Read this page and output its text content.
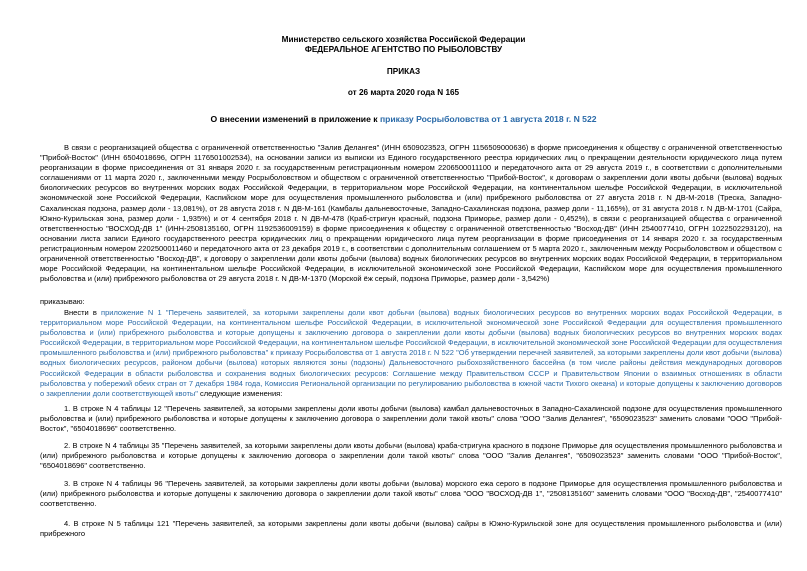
Министерство сельского хозяйства Российской Федерации
ФЕДЕРАЛЬНОЕ АГЕНТСТВО ПО РЫБОЛОВСТВУ
ПРИКАЗ
от 26 марта 2020 года N 165
О внесении изменений в приложение к приказу Росрыболовства от 1 августа 2018 г. N 522
В связи с реорганизацией общества с ограниченной ответственностью "Залив Делангея" (ИНН 6509023523, ОГРН 1156509000636) в форме присоединения к обществу с ограниченной ответственностью "Прибой-Восток" (ИНН 6504018696, ОГРН 1176501002534), на основании записи из выписки из Единого государственного реестра юридических лиц о прекращении деятельности юридического лица путем реорганизации в форме присоединения от 31 января 2020 г. за государственным регистрационным номером 2206500011100 и передаточного акта от 29 августа 2019 г., в соответствии с дополнительными соглашениями от 11 марта 2020 г., заключенными между Росрыболовством и обществом с ограниченной ответственностью "Прибой-Восток", к договорам о закреплении доли квоты добычи (вылова) водных биологических ресурсов во внутренних морских водах Российской Федерации, в территориальном море Российской Федерации, на континентальном шельфе Российской Федерации, в исключительной экономической зоне Российской Федерации, Каспийском море для осуществления промышленного рыболовства и (или) прибрежного рыболовства от 27 августа 2018 г. N ДВ-М-2018 (Треска, Западно-Сахалинская подзона, размер доли - 13,081%), от 28 августа 2018 г. N ДВ-М-161 (Камбалы дальневосточные, Западно-Сахалинская подзона, размер доли - 11,165%), от 31 августа 2018 г. N ДВ-М-1701 (Сайра, Южно-Курильская зона, размер доли - 1,935%) и от 4 сентября 2018 г. N ДВ-М-478 (Краб-стригун красный, подзона Приморье, размер доли - 0,452%), в связи с реорганизацией общества с ограниченной ответственностью "ВОСХОД-ДВ 1" (ИНН-2508135160, ОГРН 1192536009159) в форме присоединения к обществу с ограниченной ответственностью "Восход-ДВ" (ИНН 2540077410, ОГРН 1022502293120), на основании листа записи Единого государственного реестра юридических лиц о прекращении юридического лица путем реорганизации в форме присоединения от 14 января 2020 г. за государственным регистрационным номером 2202500011460 и передаточного акта от 23 декабря 2019 г., в соответствии с дополнительным соглашением от 5 марта 2020 г., заключенным между Росрыболовством и обществом с ограниченной ответственностью "Восход-ДВ", к договору о закреплении доли квоты добычи (вылова) водных биологических ресурсов во внутренних морских водах Российской Федерации, в территориальном море Российской Федерации, на континентальном шельфе Российской Федерации, в исключительной экономической зоне Российской Федерации, Каспийском море для осуществления промышленного рыболовства и (или) прибрежного рыболовства от 29 августа 2018 г. N ДВ-М-1370 (Морской ёж серый, подзона Приморье, размер доли - 3,542%)
приказываю:
Внести в приложение N 1 "Перечень заявителей, за которыми закреплены доли квот добычи (вылова) водных биологических ресурсов во внутренних морских водах Российской Федерации, в территориальном море Российской Федерации, на континентальном шельфе Российской Федерации, в исключительной экономической зоне Российской Федерации для осуществления промышленного рыболовства и (или) прибрежного рыболовства и которые допущены к заключению договора о закреплении доли квоты добычи (вылова) водных биологических ресурсов во внутренних морских водах Российской Федерации, в территориальном море Российской Федерации, на континентальном шельфе Российской Федерации, в исключительной экономической зоне Российской Федерации для осуществления промышленного рыболовства и (или) прибрежного рыболовства" к приказу Росрыболовства от 1 августа 2018 г. N 522 "Об утверждении перечней заявителей, за которыми закреплены доли квот добычи (вылова) водных биологических ресурсов, районом добычи (вылова) которых являются зоны (подзоны) Дальневосточного рыбохозяйственного бассейна (в том числе районы действия международных договоров Российской Федерации в области рыболовства и сохранения водных биологических ресурсов: Соглашение между Правительством СССР и Правительством Японии о взаимных отношениях в области рыболовства у побережий обеих стран от 7 декабря 1984 года, Комиссия Региональной организации по регулированию рыболовства в южной части Тихого океана) и которые допущены к заключению договоров о закреплении доли соответствующей квоты" следующие изменения:
1. В строке N 4 таблицы 12 "Перечень заявителей, за которыми закреплены доли квоты добычи (вылова) камбал дальневосточных в Западно-Сахалинской подзоне для осуществления промышленного рыболовства и (или) прибрежного рыболовства и которые допущены к заключению договора о закреплении доли такой квоты" слова "ООО "Залив Делангея", "6509023523" заменить словами "ООО "Прибой-Восток", "6504018696" соответственно.
2. В строке N 4 таблицы 35 "Перечень заявителей, за которыми закреплены доли квоты добычи (вылова) краба-стригуна красного в подзоне Приморье для осуществления промышленного рыболовства и (или) прибрежного рыболовства и которые допущены к заключению договора о закреплении доли такой квоты" слова "ООО "Залив Делангея", "6509023523" заменить словами "ООО "Прибой-Восток", "6504018696" соответственно.
3. В строке N 4 таблицы 96 "Перечень заявителей, за которыми закреплены доли квоты добычи (вылова) морского ежа серого в подзоне Приморье для осуществления промышленного рыболовства и (или) прибрежного рыболовства и которые допущены к заключению договора о закреплении доли такой квоты" слова "ООО "ВОСХОД-ДВ 1", "2508135160" заменить словами "ООО "Восход-ДВ", "2540077410" соответственно.
4. В строке N 5 таблицы 121 "Перечень заявителей, за которыми закреплены доли квоты добычи (вылова) сайры в Южно-Курильской зоне для осуществления промышленного рыболовства и (или) прибрежного
